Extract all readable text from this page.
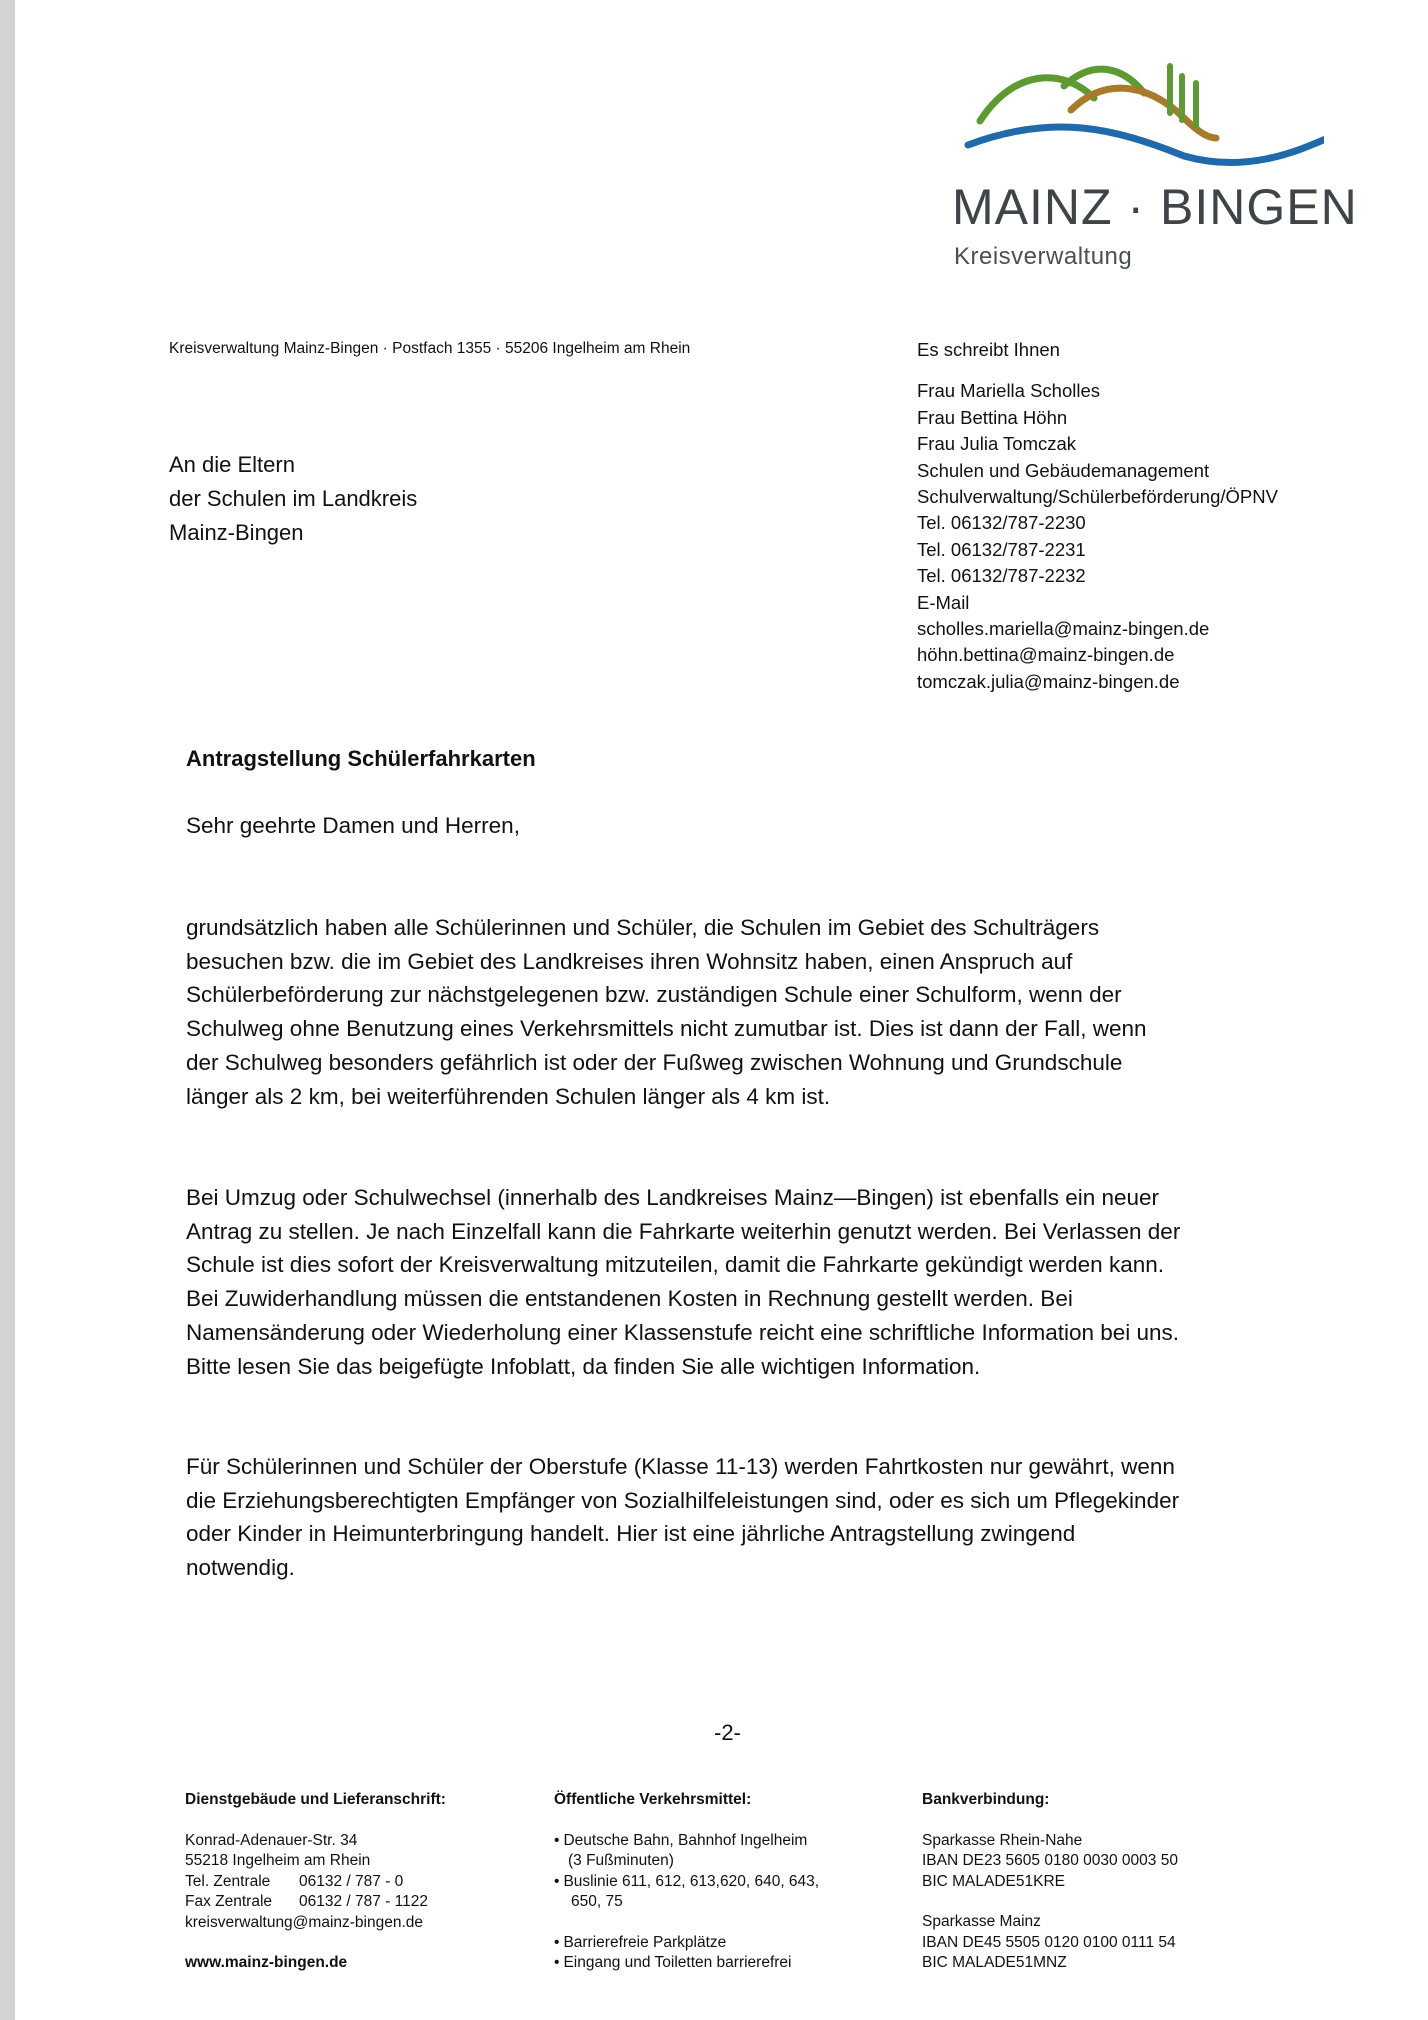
MAINZ · BINGEN
Kreisverwaltung
Kreisverwaltung Mainz-Bingen · Postfach 1355 · 55206 Ingelheim am Rhein
An die Eltern
der Schulen im Landkreis
Mainz-Bingen
Es schreibt Ihnen
Frau Mariella Scholles
Frau Bettina Höhn
Frau Julia Tomczak
Schulen und Gebäudemanagement
Schulverwaltung/Schülerbeförderung/ÖPNV
Tel. 06132/787-2230
Tel. 06132/787-2231
Tel. 06132/787-2232
E-Mail
scholles.mariella@mainz-bingen.de
höhn.bettina@mainz-bingen.de
tomczak.julia@mainz-bingen.de
Antragstellung Schülerfahrkarten
Sehr geehrte Damen und Herren,
grundsätzlich haben alle Schülerinnen und Schüler, die Schulen im Gebiet des Schulträgers
besuchen bzw. die im Gebiet des Landkreises ihren Wohnsitz haben, einen Anspruch auf
Schülerbeförderung zur nächstgelegenen bzw. zuständigen Schule einer Schulform, wenn der
Schulweg ohne Benutzung eines Verkehrsmittels nicht zumutbar ist. Dies ist dann der Fall, wenn
der Schulweg besonders gefährlich ist oder der Fußweg zwischen Wohnung und Grundschule
länger als 2 km, bei weiterführenden Schulen länger als 4 km ist.
Bei Umzug oder Schulwechsel (innerhalb des Landkreises Mainz—Bingen) ist ebenfalls ein neuer
Antrag zu stellen. Je nach Einzelfall kann die Fahrkarte weiterhin genutzt werden. Bei Verlassen der
Schule ist dies sofort der Kreisverwaltung mitzuteilen, damit die Fahrkarte gekündigt werden kann.
Bei Zuwiderhandlung müssen die entstandenen Kosten in Rechnung gestellt werden. Bei
Namensänderung oder Wiederholung einer Klassenstufe reicht eine schriftliche Information bei uns.
Bitte lesen Sie das beigefügte Infoblatt, da finden Sie alle wichtigen Information.
Für Schülerinnen und Schüler der Oberstufe (Klasse 11-13) werden Fahrtkosten nur gewährt, wenn
die Erziehungsberechtigten Empfänger von Sozialhilfeleistungen sind, oder es sich um Pflegekinder
oder Kinder in Heimunterbringung handelt. Hier ist eine jährliche Antragstellung zwingend
notwendig.
-2-
Dienstgebäude und Lieferanschrift:
Konrad-Adenauer-Str. 34
55218 Ingelheim am Rhein
Tel. Zentrale 06132 / 787 - 0
Fax Zentrale 06132 / 787 - 1122
kreisverwaltung@mainz-bingen.de
www.mainz-bingen.de
Öffentliche Verkehrsmittel:
• Deutsche Bahn, Bahnhof Ingelheim
(3 Fußminuten)
• Buslinie 611, 612, 613,620, 640, 643,
650, 75
• Barrierefreie Parkplätze
• Eingang und Toiletten barrierefrei
Bankverbindung:
Sparkasse Rhein-Nahe
IBAN DE23 5605 0180 0030 0003 50
BIC MALADE51KRE
Sparkasse Mainz
IBAN DE45 5505 0120 0100 0111 54
BIC MALADE51MNZ
